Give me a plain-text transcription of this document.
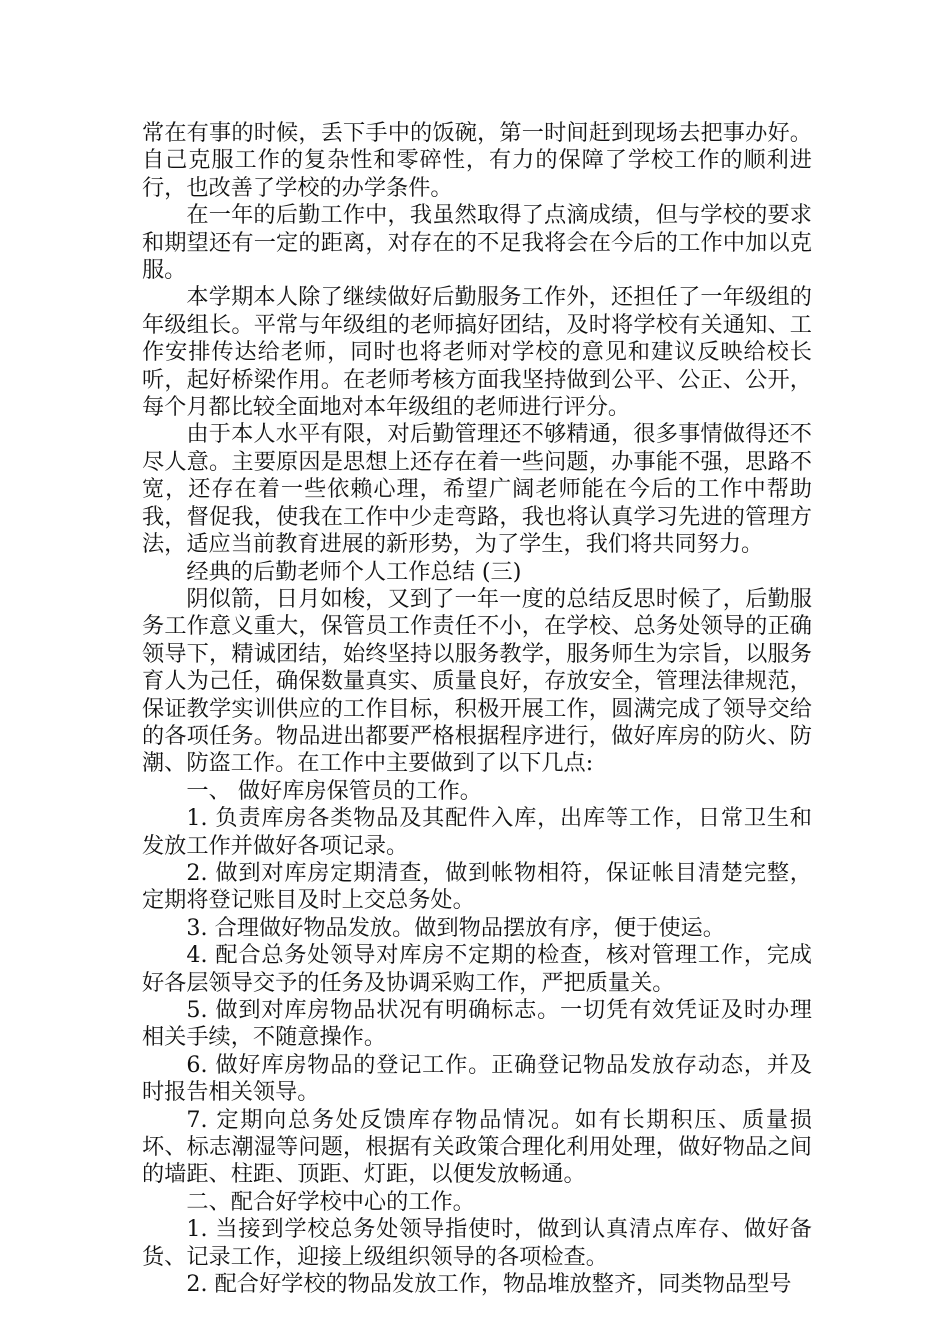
常在有事的时候，丢下手中的饭碗，第一时间赶到现场去把事办好。自己克服工作的复杂性和零碎性，有力的保障了学校工作的顺利进行，也改善了学校的办学条件。

在一年的后勤工作中，我虽然取得了点滴成绩，但与学校的要求和期望还有一定的距离，对存在的不足我将会在今后的工作中加以克服。

本学期本人除了继续做好后勤服务工作外，还担任了一年级组的年级组长。平常与年级组的老师搞好团结，及时将学校有关通知、工作安排传达给老师，同时也将老师对学校的意见和建议反映给校长听，起好桥梁作用。在老师考核方面我坚持做到公平、公正、公开，每个月都比较全面地对本年级组的老师进行评分。

由于本人水平有限，对后勤管理还不够精通，很多事情做得还不尽人意。主要原因是思想上还存在着一些问题，办事能不强，思路不宽，还存在着一些依赖心理，希望广阔老师能在今后的工作中帮助我，督促我，使我在工作中少走弯路，我也将认真学习先进的管理方法，适应当前教育进展的新形势，为了学生，我们将共同努力。

经典的后勤老师个人工作总结 (三)

阴似箭，日月如梭，又到了一年一度的总结反思时候了，后勤服务工作意义重大，保管员工作责任不小，在学校、总务处领导的正确领导下，精诚团结，始终坚持以服务教学，服务师生为宗旨，以服务育人为己任，确保数量真实、质量良好，存放安全，管理法律规范，保证教学实训供应的工作目标，积极开展工作，圆满完成了领导交给的各项任务。物品进出都要严格根据程序进行，做好库房的防火、防潮、防盗工作。在工作中主要做到了以下几点:

一、 做好库房保管员的工作。

1. 负责库房各类物品及其配件入库，出库等工作，日常卫生和发放工作并做好各项记录。

2. 做到对库房定期清查，做到帐物相符，保证帐目清楚完整，定期将登记账目及时上交总务处。

3. 合理做好物品发放。做到物品摆放有序，便于使运。

4. 配合总务处领导对库房不定期的检查，核对管理工作，完成好各层领导交予的任务及协调采购工作，严把质量关。

5. 做到对库房物品状况有明确标志。一切凭有效凭证及时办理相关手续，不随意操作。

6. 做好库房物品的登记工作。正确登记物品发放存动态，并及时报告相关领导。

7. 定期向总务处反馈库存物品情况。如有长期积压、质量损坏、标志潮湿等问题，根据有关政策合理化利用处理，做好物品之间的墙距、柱距、顶距、灯距，以便发放畅通。

二、配合好学校中心的工作。

1. 当接到学校总务处领导指使时，做到认真清点库存、做好备货、记录工作，迎接上级组织领导的各项检查。

2. 配合好学校的物品发放工作，物品堆放整齐，同类物品型号
